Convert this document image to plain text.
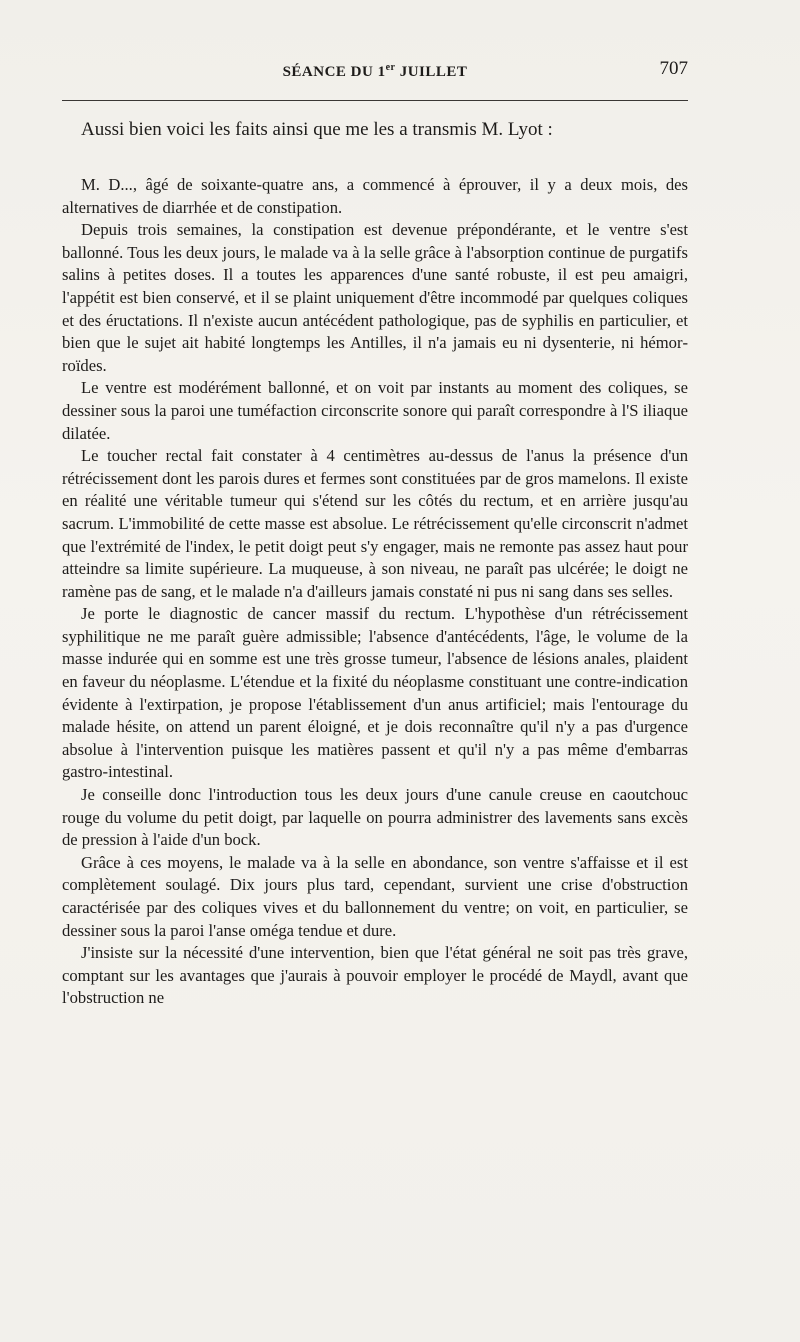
SÉANCE DU 1er JUILLET	707

Aussi bien voici les faits ainsi que me les a transmis M. Lyot :

M. D..., âgé de soixante-quatre ans, a commencé à éprouver, il y a deux mois, des alternatives de diarrhée et de constipation.

Depuis trois semaines, la constipation est devenue prépondérante, et le ventre s'est ballonné. Tous les deux jours, le malade va à la selle grâce à l'absorption continue de purgatifs salins à petites doses. Il a toutes les apparences d'une santé robuste, il est peu amaigri, l'appétit est bien conservé, et il se plaint uniquement d'être incommodé par quelques coliques et des éructations. Il n'existe aucun antécédent pathologique, pas de syphilis en particulier, et bien que le sujet ait habité longtemps les Antilles, il n'a jamais eu ni dysenterie, ni hémorroïdes.

Le ventre est modérément ballonné, et on voit par instants au moment des coliques, se dessiner sous la paroi une tuméfaction circonscrite sonore qui paraît correspondre à l'S iliaque dilatée.

Le toucher rectal fait constater à 4 centimètres au-dessus de l'anus la présence d'un rétrécissement dont les parois dures et fermes sont constituées par de gros mamelons. Il existe en réalité une véritable tumeur qui s'étend sur les côtés du rectum, et en arrière jusqu'au sacrum. L'immobilité de cette masse est absolue. Le rétrécissement qu'elle circonscrit n'admet que l'extrémité de l'index, le petit doigt peut s'y engager, mais ne remonte pas assez haut pour atteindre sa limite supérieure. La muqueuse, à son niveau, ne paraît pas ulcérée; le doigt ne ramène pas de sang, et le malade n'a d'ailleurs jamais constaté ni pus ni sang dans ses selles.

Je porte le diagnostic de cancer massif du rectum. L'hypothèse d'un rétrécissement syphilitique ne me paraît guère admissible; l'absence d'antécédents, l'âge, le volume de la masse indurée qui en somme est une très grosse tumeur, l'absence de lésions anales, plaident en faveur du néoplasme. L'étendue et la fixité du néoplasme constituant une contre-indication évidente à l'extirpation, je propose l'établissement d'un anus artificiel; mais l'entourage du malade hésite, on attend un parent éloigné, et je dois reconnaître qu'il n'y a pas d'urgence absolue à l'intervention puisque les matières passent et qu'il n'y a pas même d'embarras gastro-intestinal.

Je conseille donc l'introduction tous les deux jours d'une canule creuse en caoutchouc rouge du volume du petit doigt, par laquelle on pourra administrer des lavements sans excès de pression à l'aide d'un bock.

Grâce à ces moyens, le malade va à la selle en abondance, son ventre s'affaisse et il est complètement soulagé. Dix jours plus tard, cependant, survient une crise d'obstruction caractérisée par des coliques vives et du ballonnement du ventre; on voit, en particulier, se dessiner sous la paroi l'anse oméga tendue et dure.

J'insiste sur la nécessité d'une intervention, bien que l'état général ne soit pas très grave, comptant sur les avantages que j'aurais à pouvoir employer le procédé de Maydl, avant que l'obstruction ne
